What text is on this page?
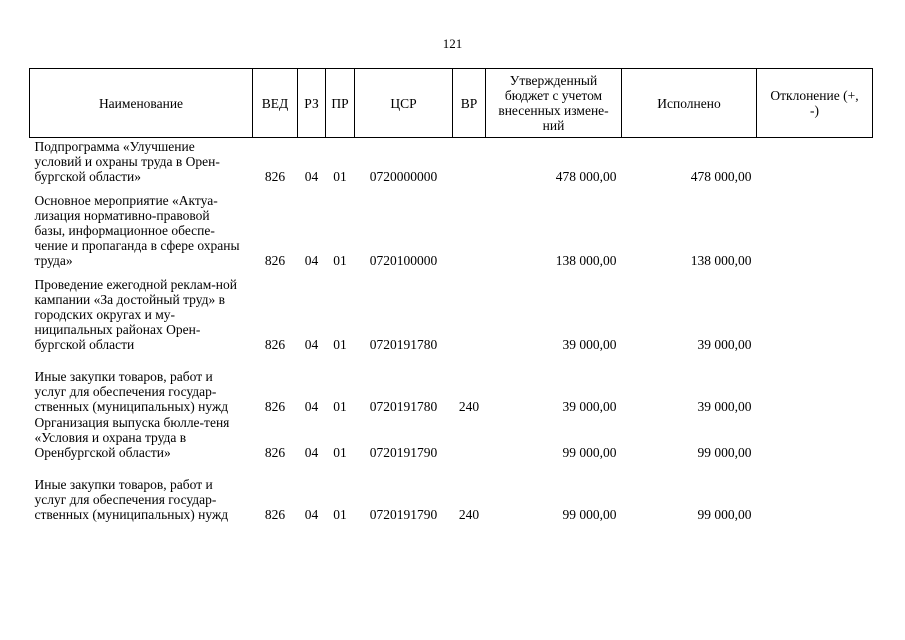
121
Наименование	ВЕД	РЗ	ПР	ЦСР	ВР	Утвержденный бюджет с учетом внесенных измене-ний	Исполнено	Отклонение (+, -)

Подпрограмма «Улучшение условий и охраны труда в Орен-бургской области»	826	04	01	0720000000		478 000,00	478 000,00	

Основное мероприятие «Актуа-лизация нормативно-правовой базы, информационное обеспе-чение и пропаганда в сфере охраны труда»	826	04	01	0720100000		138 000,00	138 000,00	

Проведение ежегодной реклам-ной кампании «За достойный труд» в городских округах и му-ниципальных районах Орен-бургской области	826	04	01	0720191780		39 000,00	39 000,00	

Иные закупки товаров, работ и услуг для обеспечения государ-ственных (муниципальных) нужд	826	04	01	0720191780	240	39 000,00	39 000,00	

Организация выпуска бюлле-теня «Условия и охрана труда в Оренбургской области»	826	04	01	0720191790		99 000,00	99 000,00	

Иные закупки товаров, работ и услуг для обеспечения государ-ственных (муниципальных) нужд	826	04	01	0720191790	240	99 000,00	99 000,00	
